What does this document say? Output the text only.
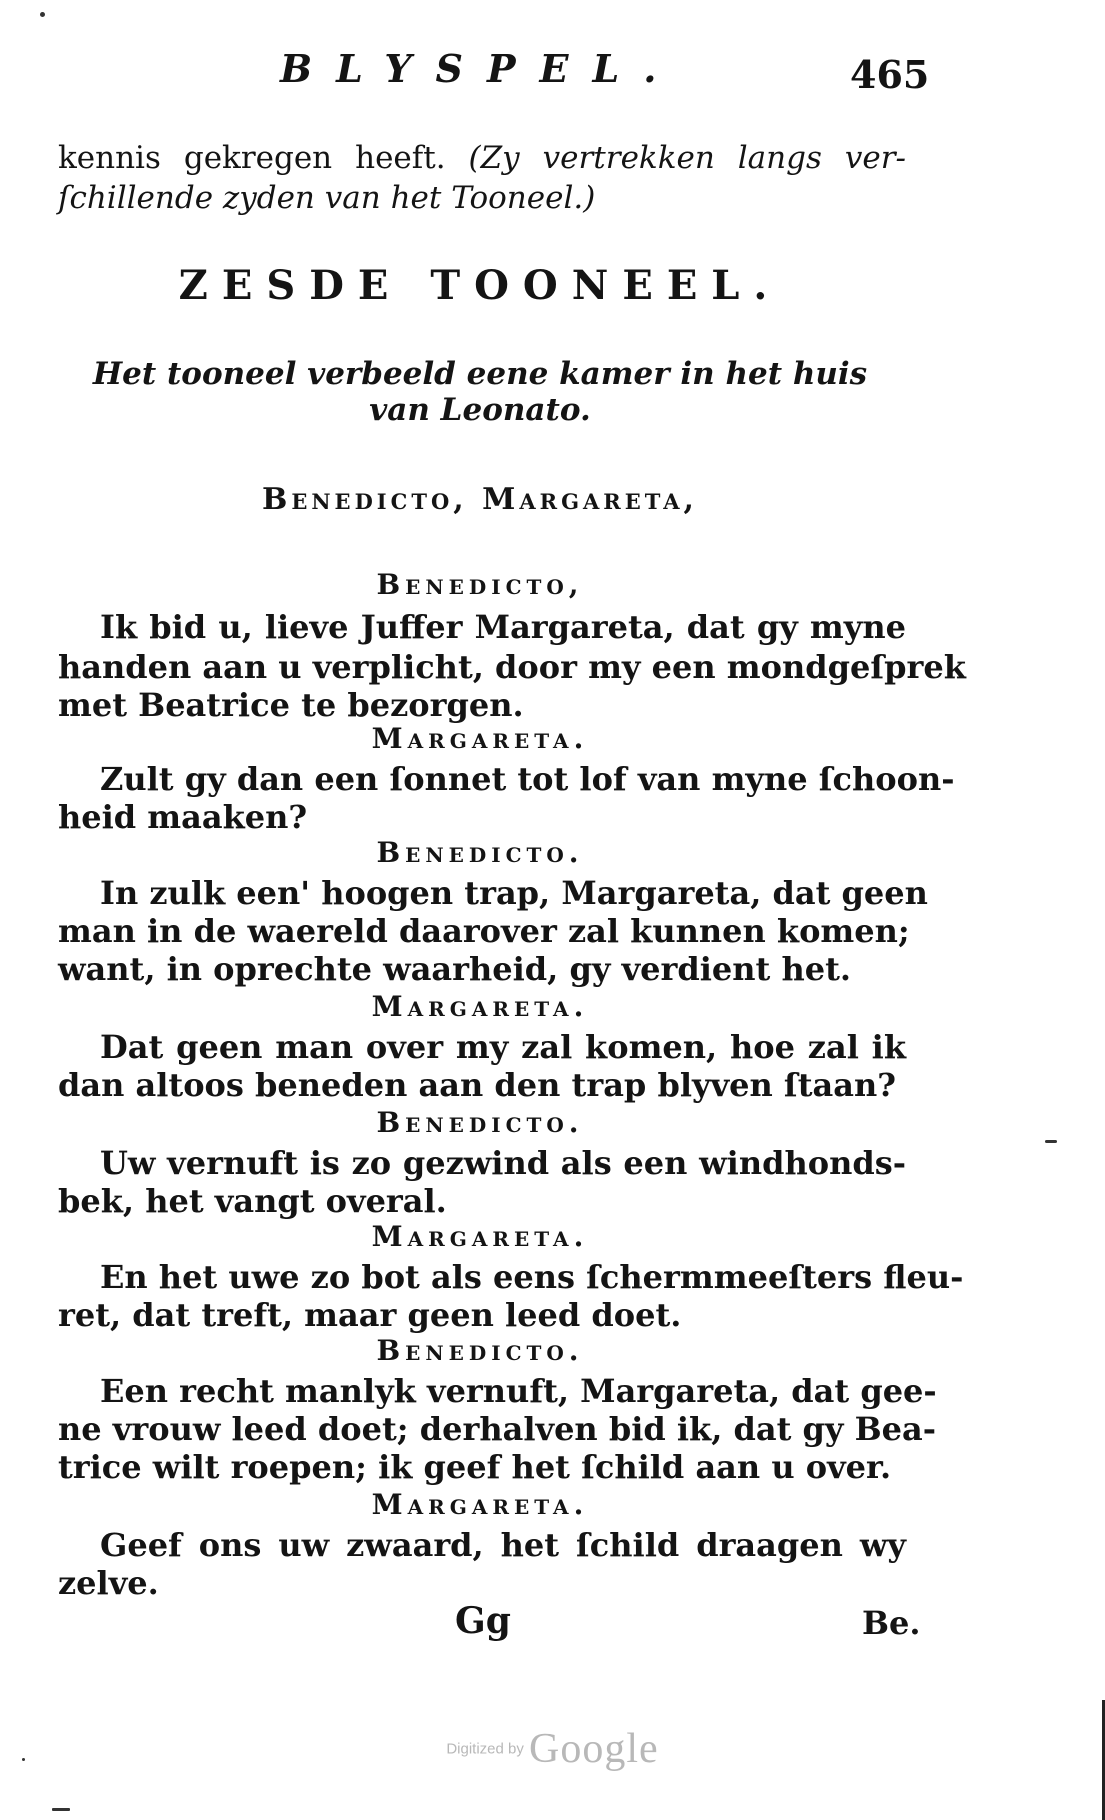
BLYSPEL.	465
kennis gekregen heeft. (Zy vertrekken langs ver-
ſchillende zyden van het Tooneel.)
ZESDE TOONEEL.
Het tooneel verbeeld eene kamer in het huis
van Leonato.
Benedicto, Margareta,
Benedicto,
Ik bid u, lieve Juffer Margareta, dat gy myne
handen aan u verplicht, door my een mondgeſprek
met Beatrice te bezorgen.
Margareta.
Zult gy dan een ſonnet tot lof van myne ſchoon-
heid maaken?
Benedicto.
In zulk een' hoogen trap, Margareta, dat geen
man in de waereld daarover zal kunnen komen;
want, in oprechte waarheid, gy verdient het.
Margareta.
Dat geen man over my zal komen, hoe zal ik
dan altoos beneden aan den trap blyven ſtaan?
Benedicto.
Uw vernuft is zo gezwind als een windhonds-
bek, het vangt overal.
Margareta.
En het uwe zo bot als eens ſchermmeeſters fleu-
ret, dat treft, maar geen leed doet.
Benedicto.
Een recht manlyk vernuft, Margareta, dat gee-
ne vrouw leed doet; derhalven bid ik, dat gy Bea-
trice wilt roepen; ik geef het ſchild aan u over.
Margareta.
Geef ons uw zwaard, het ſchild draagen wy
zelve.
Gg	Be.
Digitized by Google
